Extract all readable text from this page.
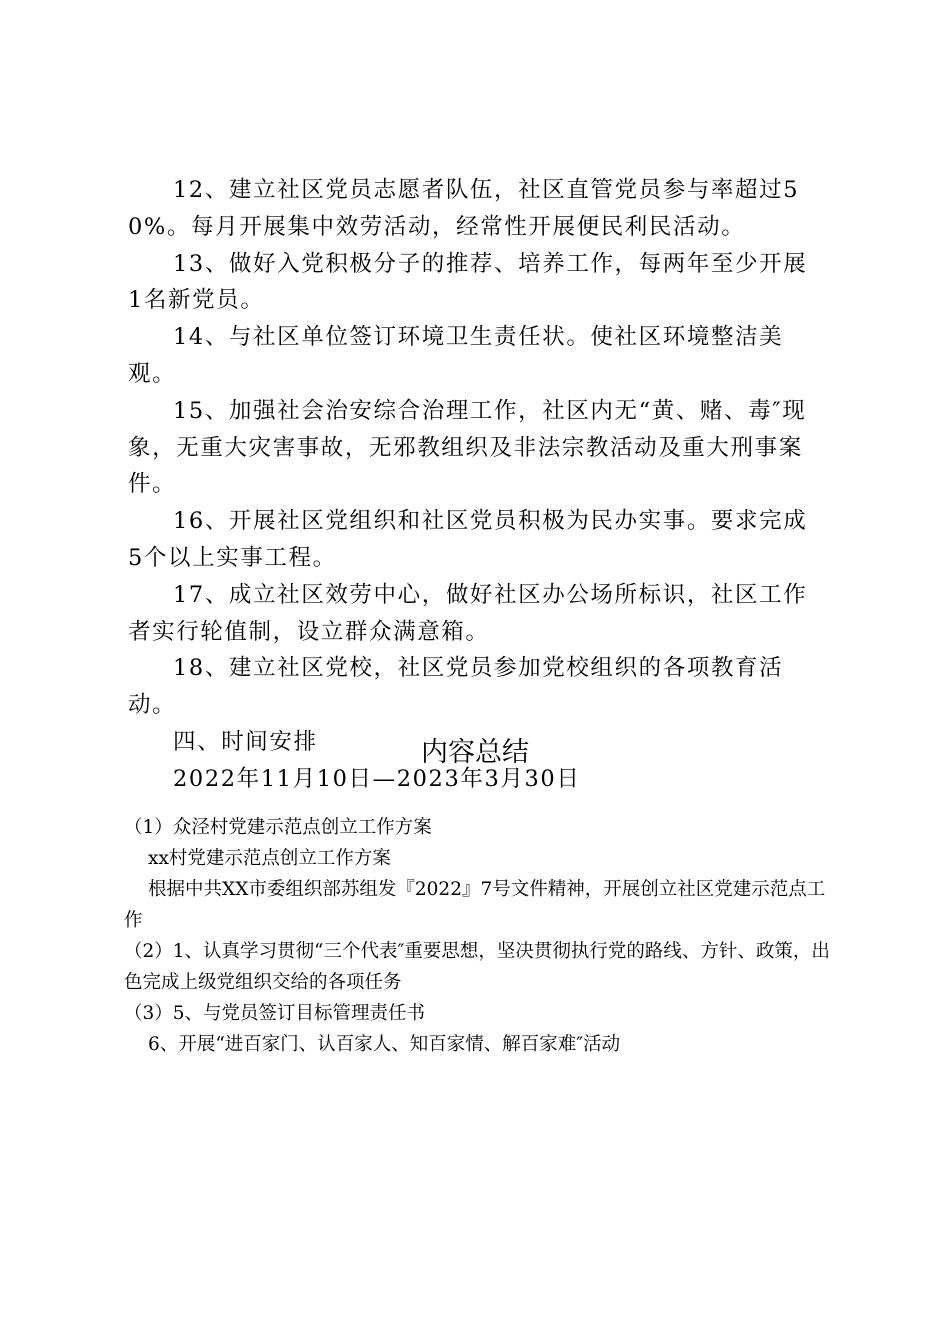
12、建立社区党员志愿者队伍，社区直管党员参与率超过50%。每月开展集中效劳活动，经常性开展便民利民活动。

13、做好入党积极分子的推荐、培养工作，每两年至少开展1名新党员。

14、与社区单位签订环境卫生责任状。使社区环境整洁美观。

15、加强社会治安综合治理工作，社区内无“黄、赌、毒″现象，无重大灾害事故，无邪教组织及非法宗教活动及重大刑事案件。

16、开展社区党组织和社区党员积极为民办实事。要求完成5个以上实事工程。

17、成立社区效劳中心，做好社区办公场所标识，社区工作者实行轮值制，设立群众满意箱。

18、建立社区党校，社区党员参加党校组织的各项教育活动。

四、时间安排

2022年11月10日—2023年3月30日

内容总结

（1）众泾村党建示范点创立工作方案

xx村党建示范点创立工作方案

根据中共XX市委组织部苏组发『2022』7号文件精神，开展创立社区党建示范点工作

（2）1、认真学习贯彻“三个代表″重要思想，坚决贯彻执行党的路线、方针、政策，出色完成上级党组织交给的各项任务

（3）5、与党员签订目标管理责任书

6、开展“进百家门、认百家人、知百家情、解百家难″活动
